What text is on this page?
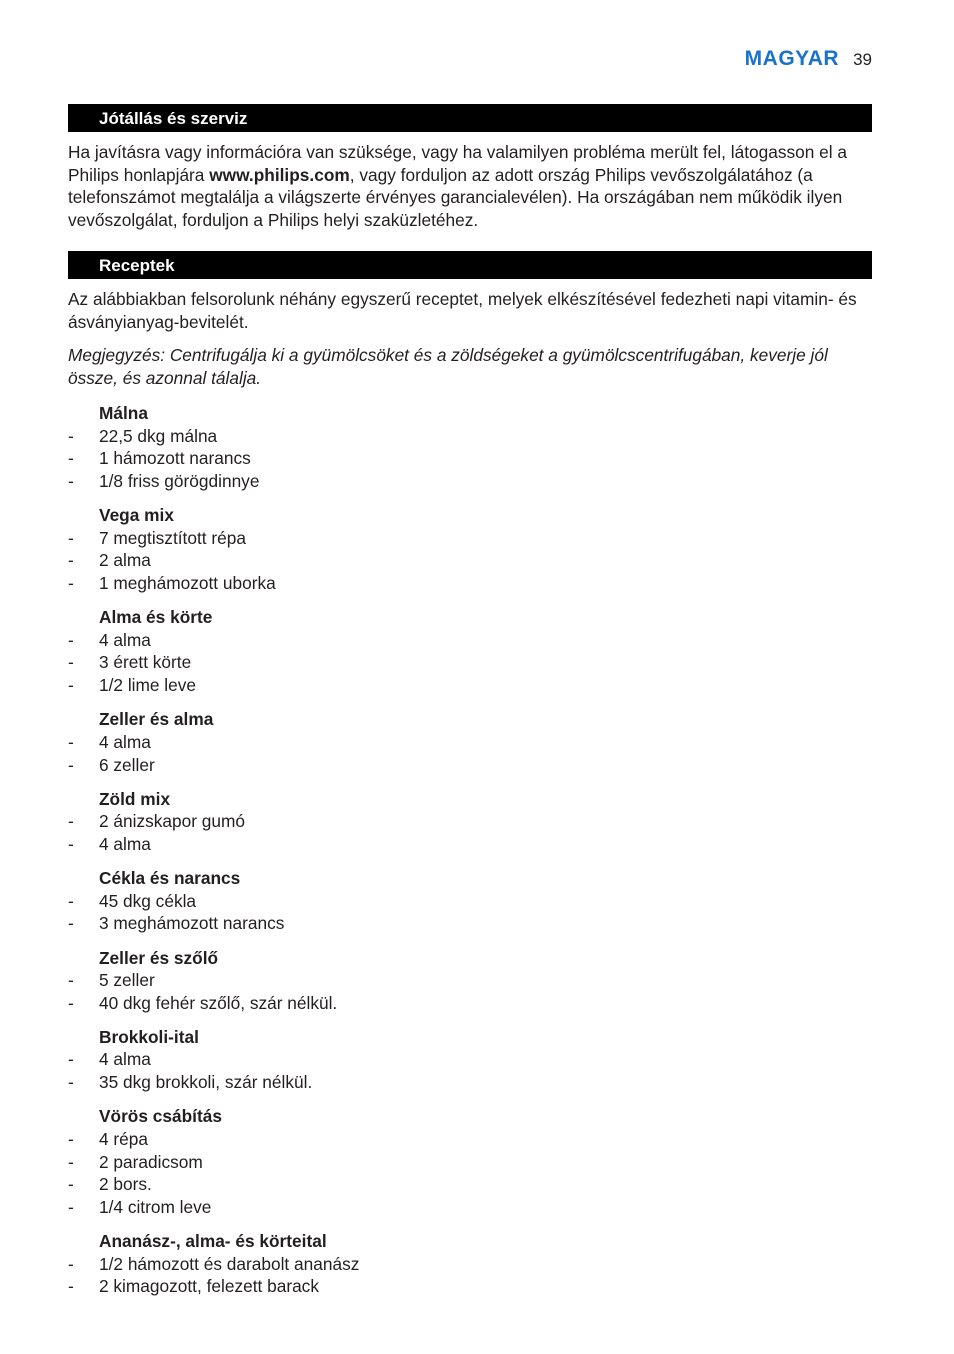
MAGYAR 39
Jótállás és szerviz

Ha javításra vagy információra van szüksége, vagy ha valamilyen probléma merült fel, látogasson el a Philips honlapjára www.philips.com, vagy forduljon az adott ország Philips vevőszolgálatához (a telefonszámot megtalálja a világszerte érvényes garancialevélen). Ha országában nem működik ilyen vevőszolgálat, forduljon a Philips helyi szaküzletéhez.

Receptek

Az alábbiakban felsorolunk néhány egyszerű receptet, melyek elkészítésével fedezheti napi vitamin- és ásványianyag-bevitelét.

Megjegyzés: Centrifugálja ki a gyümölcsöket és a zöldségeket a gyümölcscentrifugában, keverje jól össze, és azonnal tálalja.

Málna
-	22,5 dkg málna
-	1 hámozott narancs
-	1/8 friss görögdinnye
Vega mix
-	7 megtisztított répa
-	2 alma
-	1 meghámozott uborka
Alma és körte
-	4 alma
-	3 érett körte
-	1/2 lime leve
Zeller és alma
-	4 alma
-	6 zeller
Zöld mix
-	2 ánizskapor gumó
-	4 alma
Cékla és narancs
-	45 dkg cékla
-	3 meghámozott narancs
Zeller és szőlő
-	5 zeller
-	40 dkg fehér szőlő, szár nélkül.
Brokkoli-ital
-	4 alma
-	35 dkg brokkoli, szár nélkül.
Vörös csábítás
-	4 répa
-	2 paradicsom
-	2 bors.
-	1/4 citrom leve
Ananász-, alma- és körteital
-	1/2 hámozott és darabolt ananász
-	2 kimagozott, felezett barack
